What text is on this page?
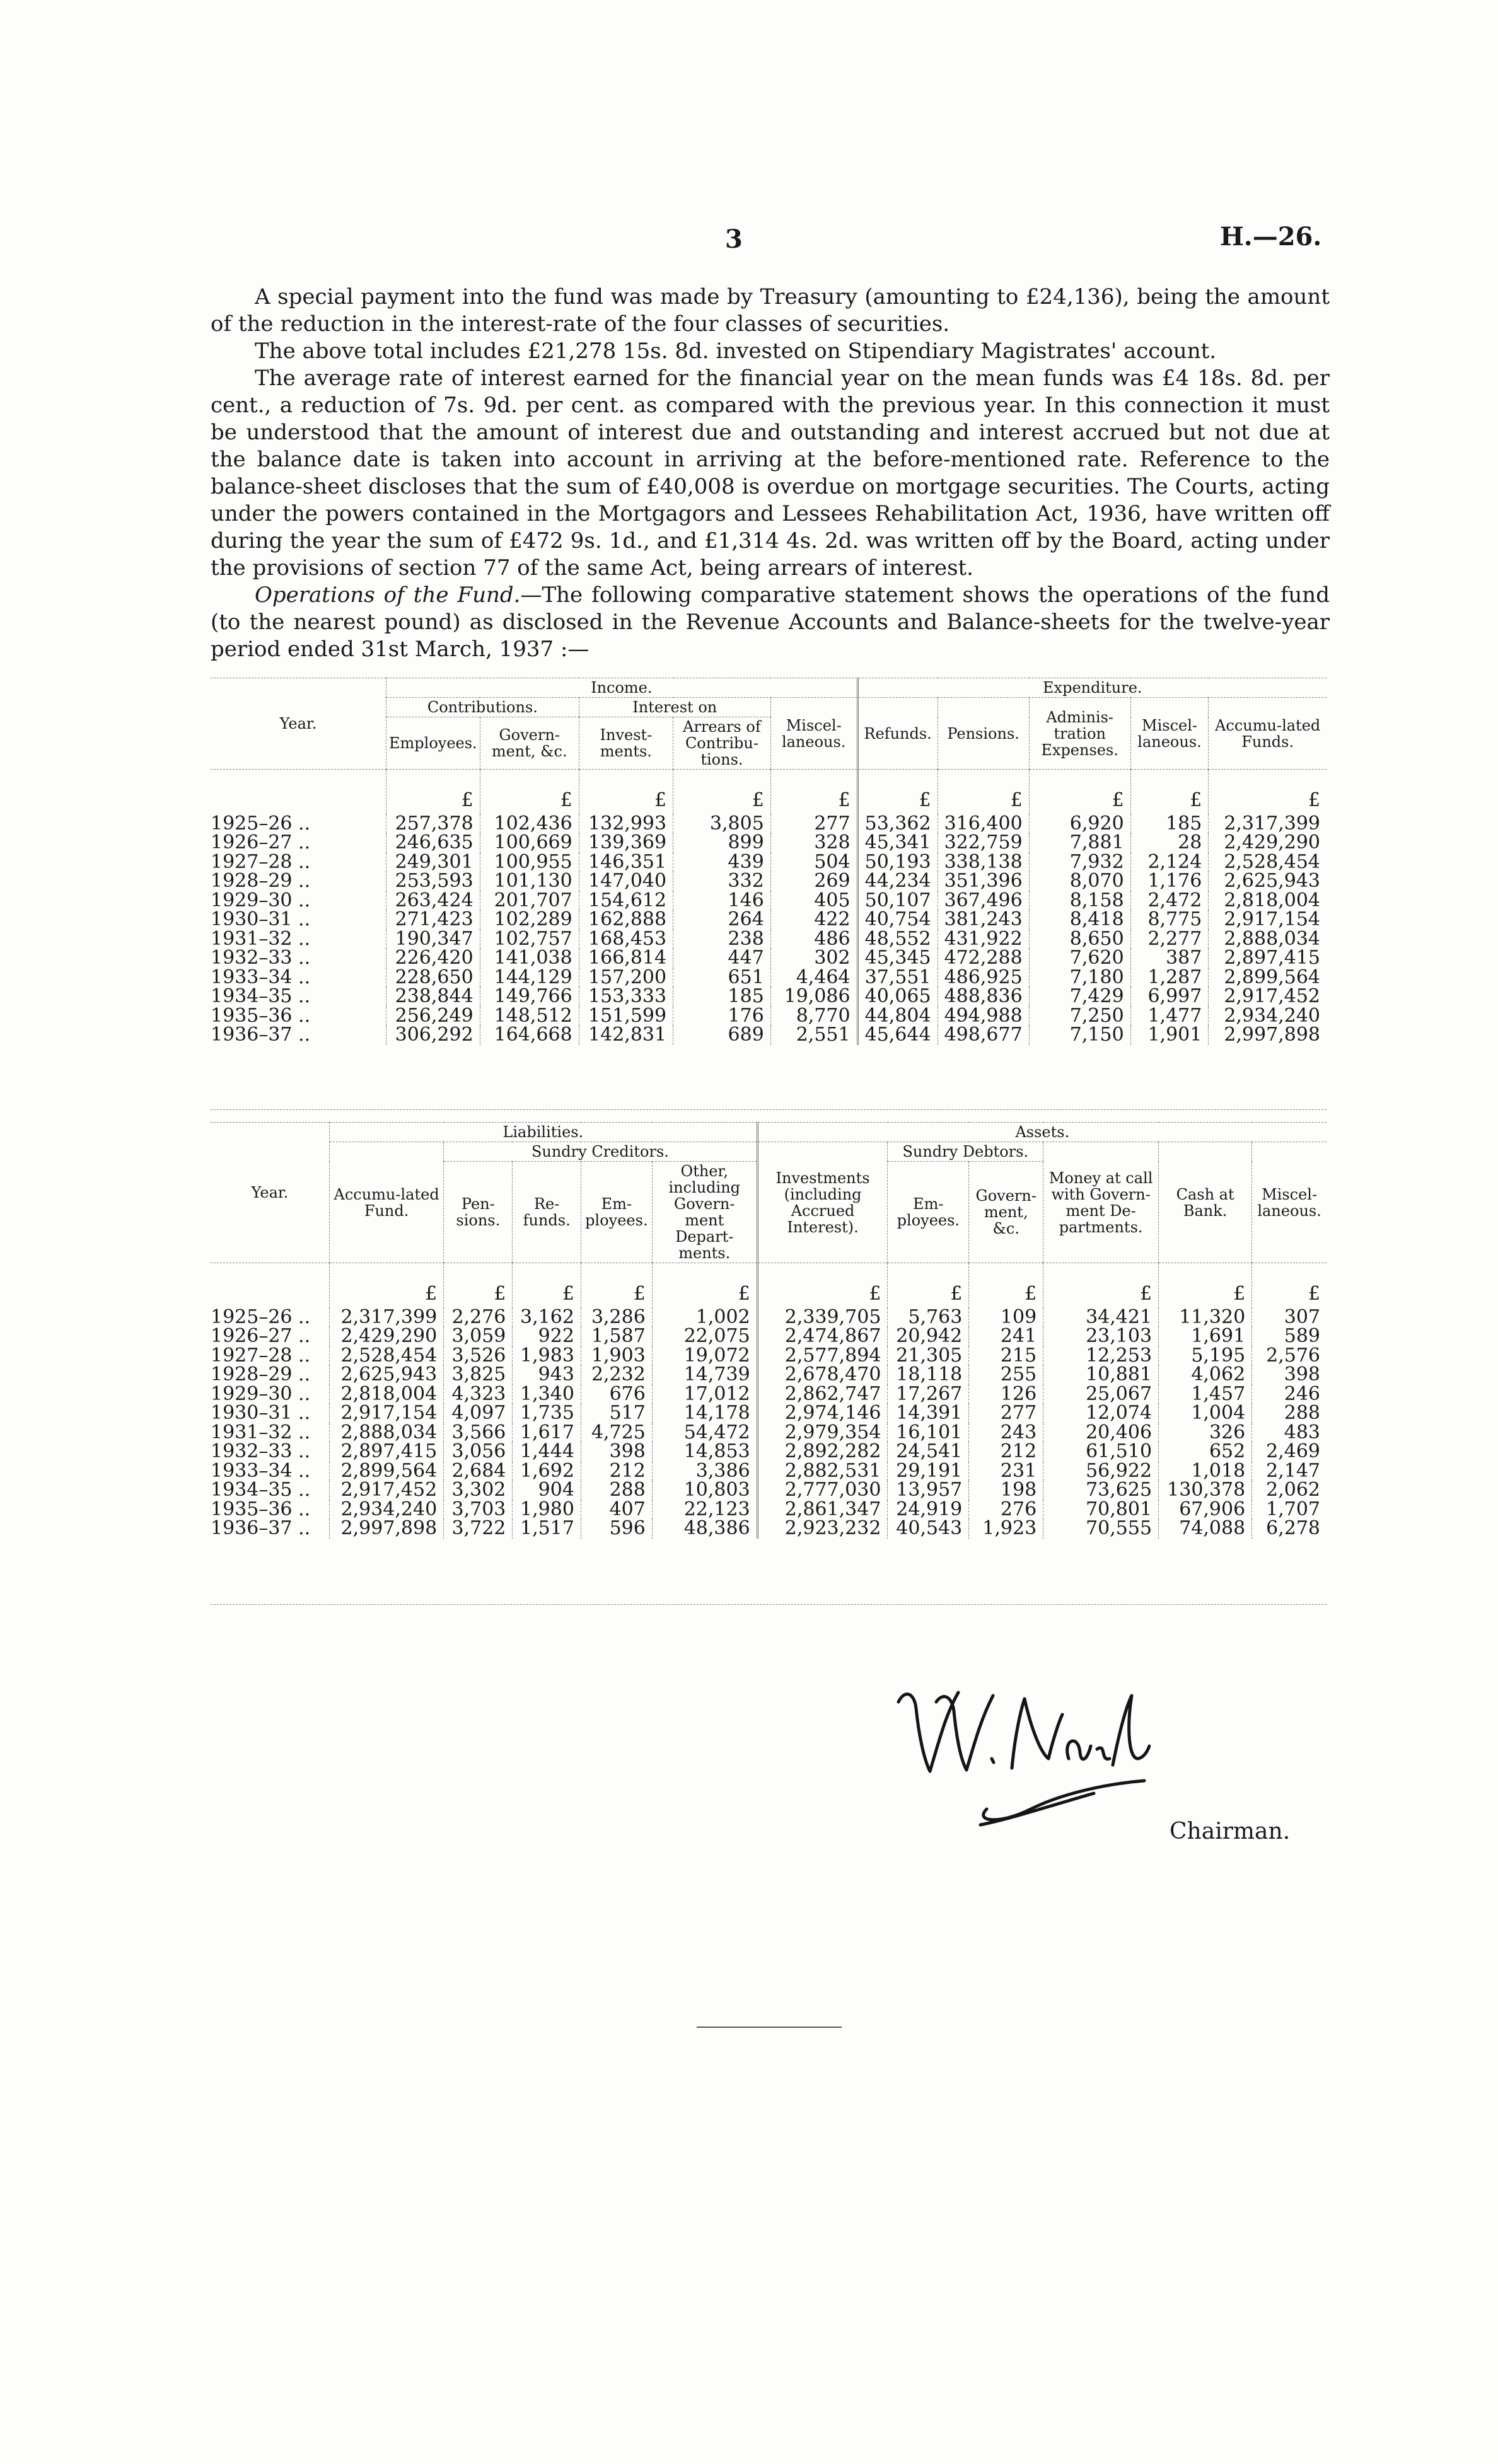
3	H.—26.

A special payment into the fund was made by Treasury (amounting to £24,136), being the amount of the reduction in the interest-rate of the four classes of securities.

The above total includes £21,278 15s. 8d. invested on Stipendiary Magistrates' account.

The average rate of interest earned for the financial year on the mean funds was £4 18s. 8d. per cent., a reduction of 7s. 9d. per cent. as compared with the previous year. In this connection it must be understood that the amount of interest due and outstanding and interest accrued but not due at the balance date is taken into account in arriving at the before-mentioned rate. Reference to the balance-sheet discloses that the sum of £40,008 is overdue on mortgage securities. The Courts, acting under the powers contained in the Mortgagors and Lessees Rehabilitation Act, 1936, have written off during the year the sum of £472 9s. 1d., and £1,314 4s. 2d. was written off by the Board, acting under the provisions of section 77 of the same Act, being arrears of interest.

Operations of the Fund.—The following comparative statement shows the operations of the fund (to the nearest pound) as disclosed in the Revenue Accounts and Balance-sheets for the twelve-year period ended 31st March, 1937 :—

Year.	Income.					Expenditure.				
	Contributions.		Interest on		Miscel-laneous.	Refunds.	Pensions.	Adminis-tration Expenses.	Miscel-laneous.	Accumu-lated Funds.
	Employees.	Govern-ment, &c.	Invest-ments.	Arrears of Contribu-tions.						
	£	£	£	£	£	£	£	£	£	£
1925–26 ..	257,378	102,436	132,993	3,805	277	53,362	316,400	6,920	185	2,317,399
1926–27 ..	246,635	100,669	139,369	899	328	45,341	322,759	7,881	28	2,429,290
1927–28 ..	249,301	100,955	146,351	439	504	50,193	338,138	7,932	2,124	2,528,454
1928–29 ..	253,593	101,130	147,040	332	269	44,234	351,396	8,070	1,176	2,625,943
1929–30 ..	263,424	201,707	154,612	146	405	50,107	367,496	8,158	2,472	2,818,004
1930–31 ..	271,423	102,289	162,888	264	422	40,754	381,243	8,418	8,775	2,917,154
1931–32 ..	190,347	102,757	168,453	238	486	48,552	431,922	8,650	2,277	2,888,034
1932–33 ..	226,420	141,038	166,814	447	302	45,345	472,288	7,620	387	2,897,415
1933–34 ..	228,650	144,129	157,200	651	4,464	37,551	486,925	7,180	1,287	2,899,564
1934–35 ..	238,844	149,766	153,333	185	19,086	40,065	488,836	7,429	6,997	2,917,452
1935–36 ..	256,249	148,512	151,599	176	8,770	44,804	494,988	7,250	1,477	2,934,240
1936–37 ..	306,292	164,668	142,831	689	2,551	45,644	498,677	7,150	1,901	2,997,898
Year.	Liabilities.					Assets.					
	Accumu-lated Fund.	Sundry Creditors.				Investments (including Accrued Interest).	Sundry Debtors.		Money at call with Govern-ment De-partments.	Cash at Bank.	Miscel-laneous.
		Pen-sions.	Re-funds.	Em-ployees.	Other, including Govern-ment Depart-ments.		Em-ployees.	Govern-ment, &c.			
	£	£	£	£	£	£	£	£	£	£	£
1925–26 ..	2,317,399	2,276	3,162	3,286	1,002	2,339,705	5,763	109	34,421	11,320	307
1926–27 ..	2,429,290	3,059	922	1,587	22,075	2,474,867	20,942	241	23,103	1,691	589
1927–28 ..	2,528,454	3,526	1,983	1,903	19,072	2,577,894	21,305	215	12,253	5,195	2,576
1928–29 ..	2,625,943	3,825	943	2,232	14,739	2,678,470	18,118	255	10,881	4,062	398
1929–30 ..	2,818,004	4,323	1,340	676	17,012	2,862,747	17,267	126	25,067	1,457	246
1930–31 ..	2,917,154	4,097	1,735	517	14,178	2,974,146	14,391	277	12,074	1,004	288
1931–32 ..	2,888,034	3,566	1,617	4,725	54,472	2,979,354	16,101	243	20,406	326	483
1932–33 ..	2,897,415	3,056	1,444	398	14,853	2,892,282	24,541	212	61,510	652	2,469
1933–34 ..	2,899,564	2,684	1,692	212	3,386	2,882,531	29,191	231	56,922	1,018	2,147
1934–35 ..	2,917,452	3,302	904	288	10,803	2,777,030	13,957	198	73,625	130,378	2,062
1935–36 ..	2,934,240	3,703	1,980	407	22,123	2,861,347	24,919	276	70,801	67,906	1,707
1936–37 ..	2,997,898	3,722	1,517	596	48,386	2,923,232	40,543	1,923	70,555	74,088	6,278
Chairman.
